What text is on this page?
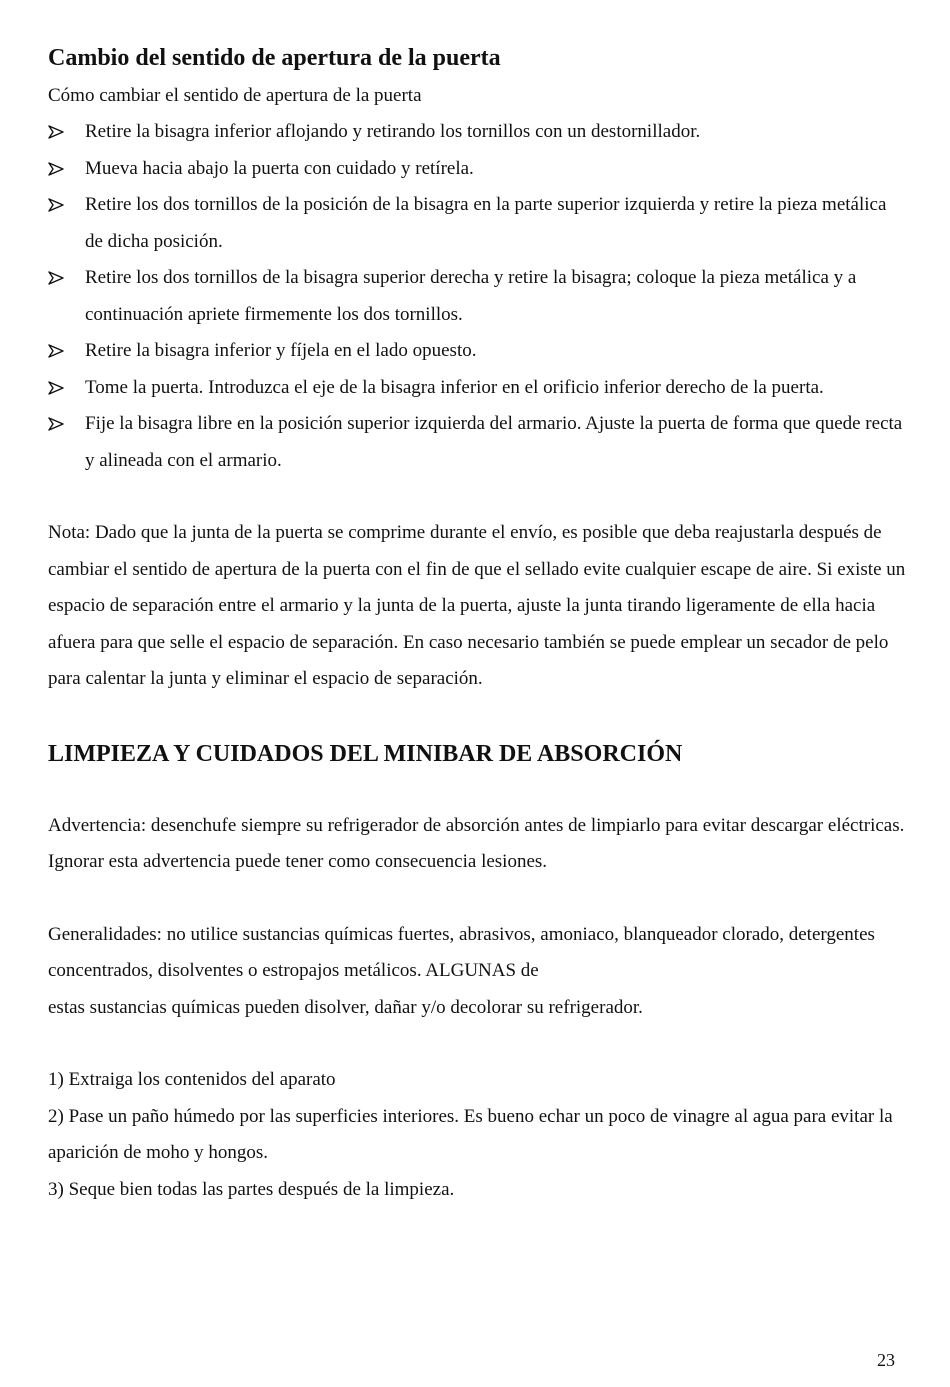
Cambio del sentido de apertura de la puerta

Cómo cambiar el sentido de apertura de la puerta

Retire la bisagra inferior aflojando y retirando los tornillos con un destornillador.
Mueva hacia abajo la puerta con cuidado y retírela.
Retire los dos tornillos de la posición de la bisagra en la parte superior izquierda y retire la pieza metálica de dicha posición.
Retire los dos tornillos de la bisagra superior derecha y retire la bisagra; coloque la pieza metálica y a continuación apriete firmemente los dos tornillos.
Retire la bisagra inferior y fíjela en el lado opuesto.
Tome la puerta. Introduzca el eje de la bisagra inferior en el orificio inferior derecho de la puerta.
Fije la bisagra libre en la posición superior izquierda del armario. Ajuste la puerta de forma que quede recta y alineada con el armario.

Nota: Dado que la junta de la puerta se comprime durante el envío, es posible que deba reajustarla después de cambiar el sentido de apertura de la puerta con el fin de que el sellado evite cualquier escape de aire. Si existe un espacio de separación entre el armario y la junta de la puerta, ajuste la junta tirando ligeramente de ella hacia afuera para que selle el espacio de separación. En caso necesario también se puede emplear un secador de pelo para calentar la junta y eliminar el espacio de separación.

LIMPIEZA Y CUIDADOS DEL MINIBAR DE ABSORCIÓN

Advertencia: desenchufe siempre su refrigerador de absorción antes de limpiarlo para evitar descargar eléctricas. Ignorar esta advertencia puede tener como consecuencia lesiones.

Generalidades: no utilice sustancias químicas fuertes, abrasivos, amoniaco, blanqueador clorado, detergentes concentrados, disolventes o estropajos metálicos. ALGUNAS de

estas sustancias químicas pueden disolver, dañar y/o decolorar su refrigerador.

1) Extraiga los contenidos del aparato
2) Pase un paño húmedo por las superficies interiores. Es bueno echar un poco de vinagre al agua para evitar la aparición de moho y hongos.
3) Seque bien todas las partes después de la limpieza.
23
